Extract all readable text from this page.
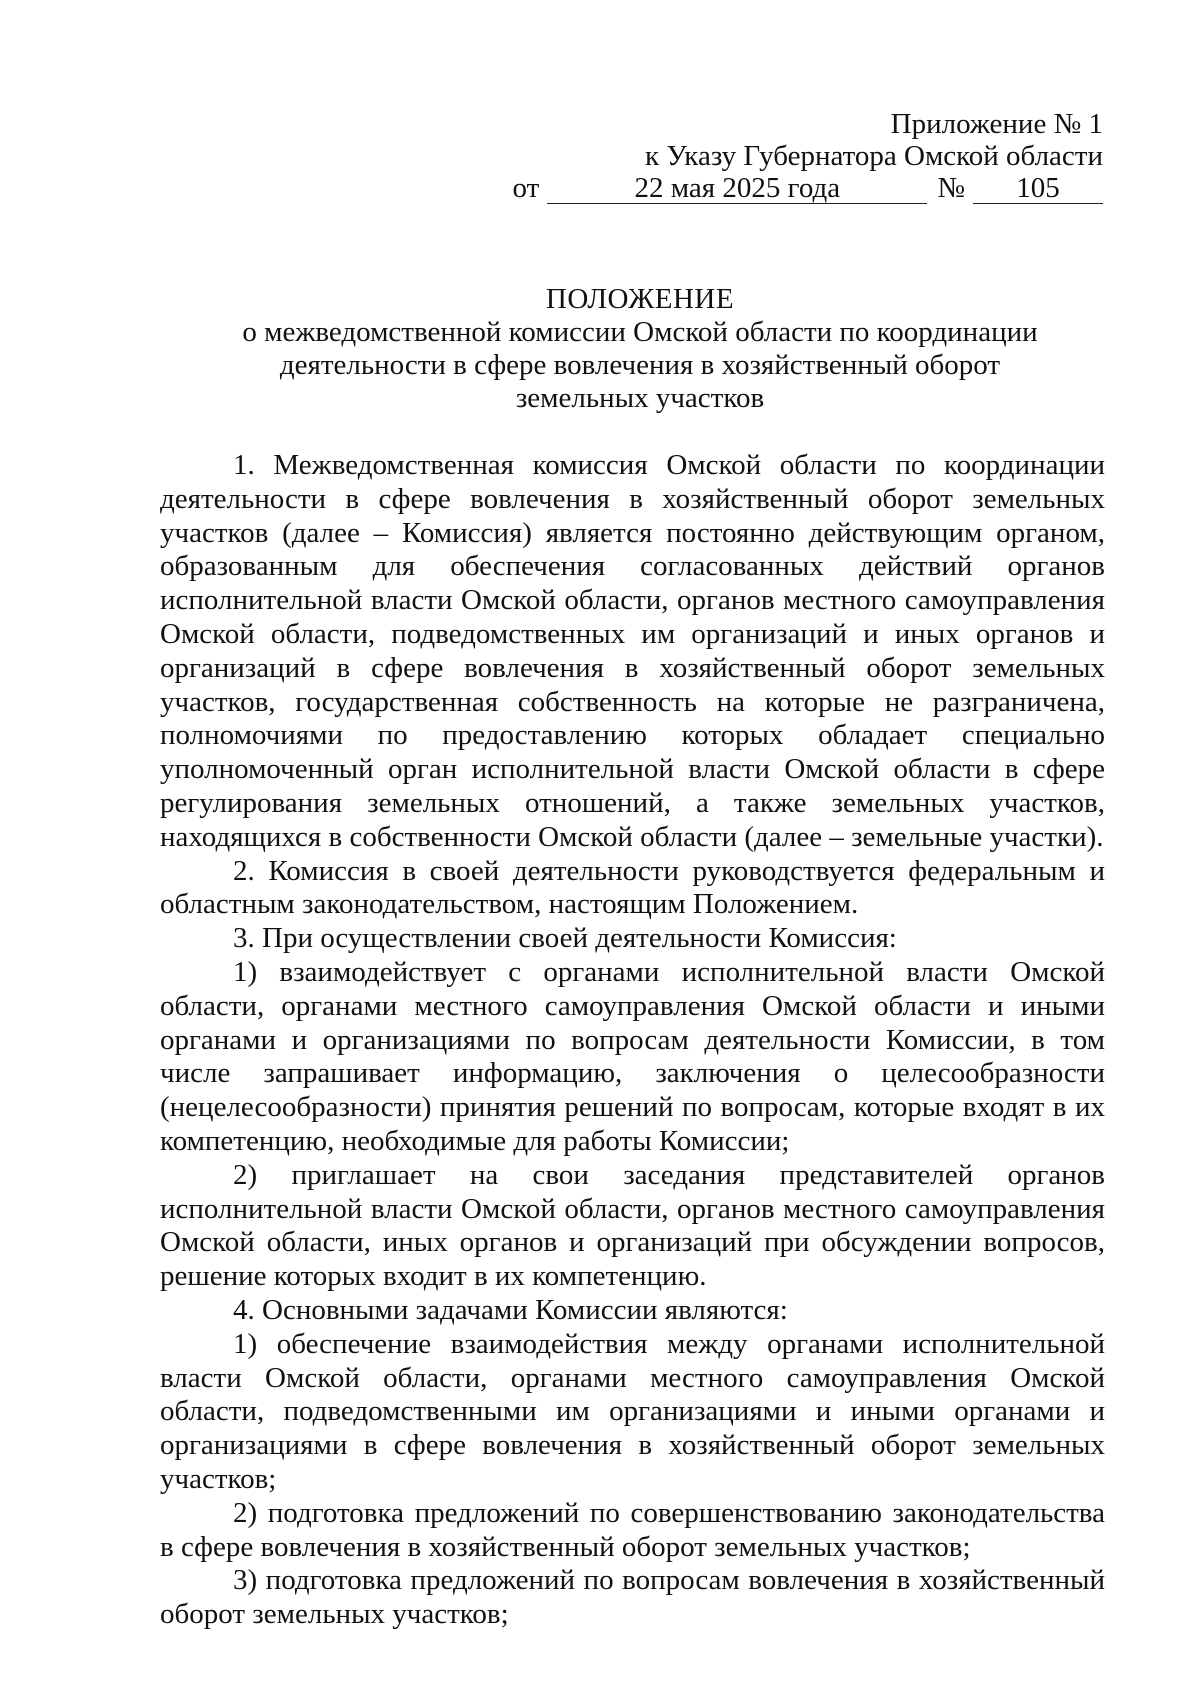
Приложение № 1
к Указу Губернатора Омской области
от	22 мая 2025 года	№	105
ПОЛОЖЕНИЕ
о межведомственной комиссии Омской области по координации
деятельности в сфере вовлечения в хозяйственный оборот
земельных участков

1. Межведомственная комиссия Омской области по координации деятельности в сфере вовлечения в хозяйственный оборот земельных участков (далее – Комиссия) является постоянно действующим органом, образованным для обеспечения согласованных действий органов исполнительной власти Омской области, органов местного самоуправления Омской области, подведомственных им организаций и иных органов и организаций в сфере вовлечения в хозяйственный оборот земельных участков, государственная собственность на которые не разграничена, полномочиями по предоставлению которых обладает специально уполномоченный орган исполнительной власти Омской области в сфере регулирования земельных отношений, а также земельных участков, находящихся в собственности Омской области (далее – земельные участки).

2. Комиссия в своей деятельности руководствуется федеральным и областным законодательством, настоящим Положением.

3. При осуществлении своей деятельности Комиссия:

1) взаимодействует с органами исполнительной власти Омской области, органами местного самоуправления Омской области и иными органами и организациями по вопросам деятельности Комиссии, в том числе запрашивает информацию, заключения о целесообразности (нецелесообразности) принятия решений по вопросам, которые входят в их компетенцию, необходимые для работы Комиссии;

2) приглашает на свои заседания представителей органов исполнительной власти Омской области, органов местного самоуправления Омской области, иных органов и организаций при обсуждении вопросов, решение которых входит в их компетенцию.

4. Основными задачами Комиссии являются:

1) обеспечение взаимодействия между органами исполнительной власти Омской области, органами местного самоуправления Омской области, подведомственными им организациями и иными органами и организациями в сфере вовлечения в хозяйственный оборот земельных участков;

2) подготовка предложений по совершенствованию законодательства в сфере вовлечения в хозяйственный оборот земельных участков;

3) подготовка предложений по вопросам вовлечения в хозяйственный оборот земельных участков;
